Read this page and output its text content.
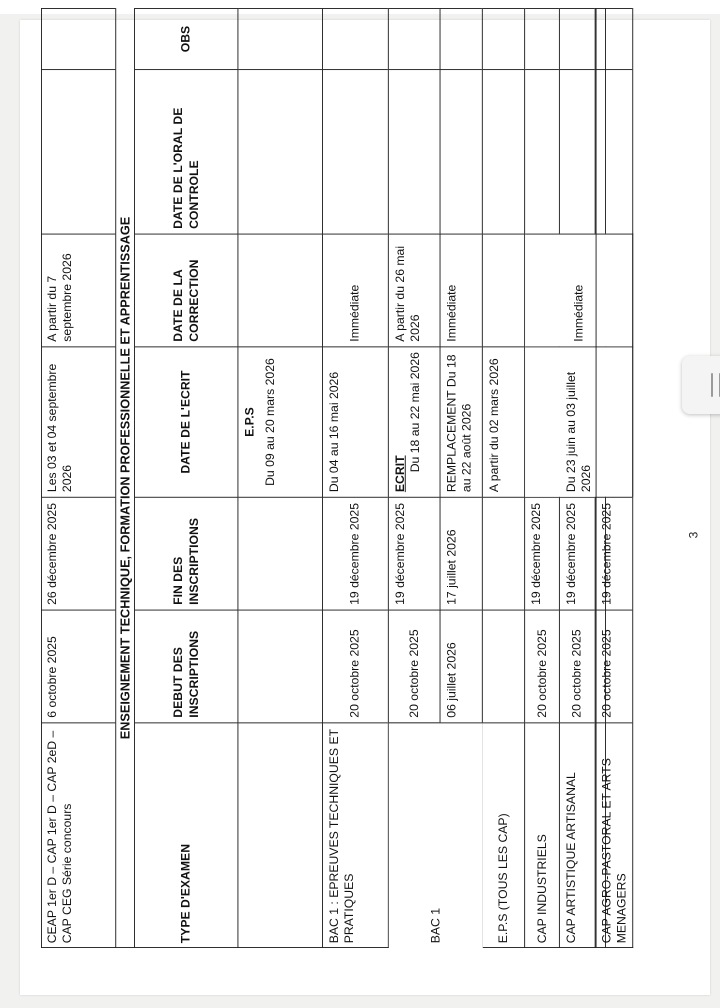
CEAP 1er D – CAP 1er D – CAP 2eD – CAP CEG Série concours
6 octobre 2025
26 décembre 2025
Les 03 et 04 septembre 2026
A partir du 7 septembre 2026	ENSEIGNEMENT TECHNIQUE, FORMATION PROFESSIONNELLE ET APPRENTISSAGE
TYPE D'EXAMEN
DEBUT DES INSCRIPTIONS
FIN DES INSCRIPTIONS
DATE DE L'ECRIT
DATE DE LA CORRECTION
DATE DE L'ORAL DE CONTROLE
OBS
E.P.S Du 09 au 20 mars 2026
BAC 1 : EPREUVES TECHNIQUES ET PRATIQUES
20 octobre 2025
19 décembre 2025
Du 04 au 16 mai 2026
Immédiate
20 octobre 2025
19 décembre 2025
ECRIT
Du 18 au 22 mai 2026
A partir du 26 mai 2026
BAC 1
06 juillet 2026
17 juillet 2026
REMPLACEMENT Du 18 au 22 août 2026
Immédiate
E.P.S (TOUS LES CAP)
A partir du 02 mars 2026
CAP INDUSTRIELS
20 octobre 2025
19 décembre 2025
CAP ARTISTIQUE ARTISANAL
20 octobre 2025
19 décembre 2025
Du 23 juin au 03 juillet 2026
Immédiate
CAP AGRO-PASTORAL ET ARTS MENAGERS
20 octobre 2025
19 décembre 2025	3
